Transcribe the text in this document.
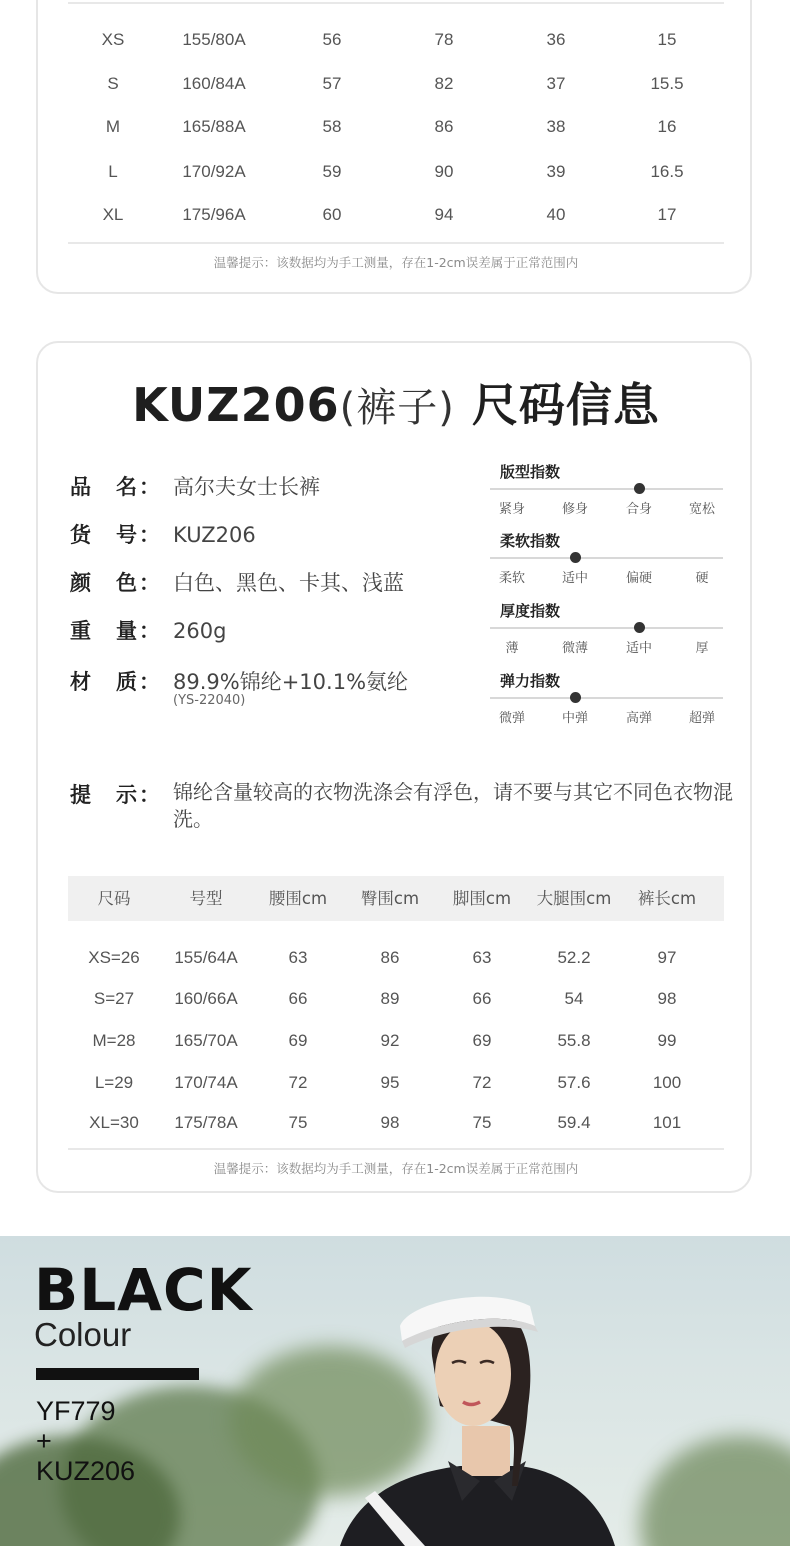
XS	155/80A	56	78	36	15
S	160/84A	57	82	37	15.5
M	165/88A	58	86	38	16
L	170/92A	59	90	39	16.5
XL	175/96A	60	94	40	17
温馨提示：该数据均为手工测量，存在1-2cm误差属于正常范围内
KUZ206(裤子) 尺码信息
品　名： 高尔夫女士长裤
货　号： KUZ206
颜　色： 白色、黑色、卡其、浅蓝
重　量： 260g
材　质： 89.9%锦纶+10.1%氨纶
(YS-22040)
版型指数
紧身	修身	合身	宽松
柔软指数
柔软	适中	偏硬	硬
厚度指数
薄	微薄	适中	厚
弹力指数
微弹	中弹	高弹	超弹
提　示： 锦纶含量较高的衣物洗涤会有浮色，请不要与其它不同色衣物混洗。
尺码	号型	腰围cm	臀围cm	脚围cm	大腿围cm	裤长cm
XS=26	155/64A	63	86	63	52.2	97
S=27	160/66A	66	89	66	54	98
M=28	165/70A	69	92	69	55.8	99
L=29	170/74A	72	95	72	57.6	100
XL=30	175/78A	75	98	75	59.4	101
温馨提示：该数据均为手工测量，存在1-2cm误差属于正常范围内
BLACK
Colour
YF779
+
KUZ206
